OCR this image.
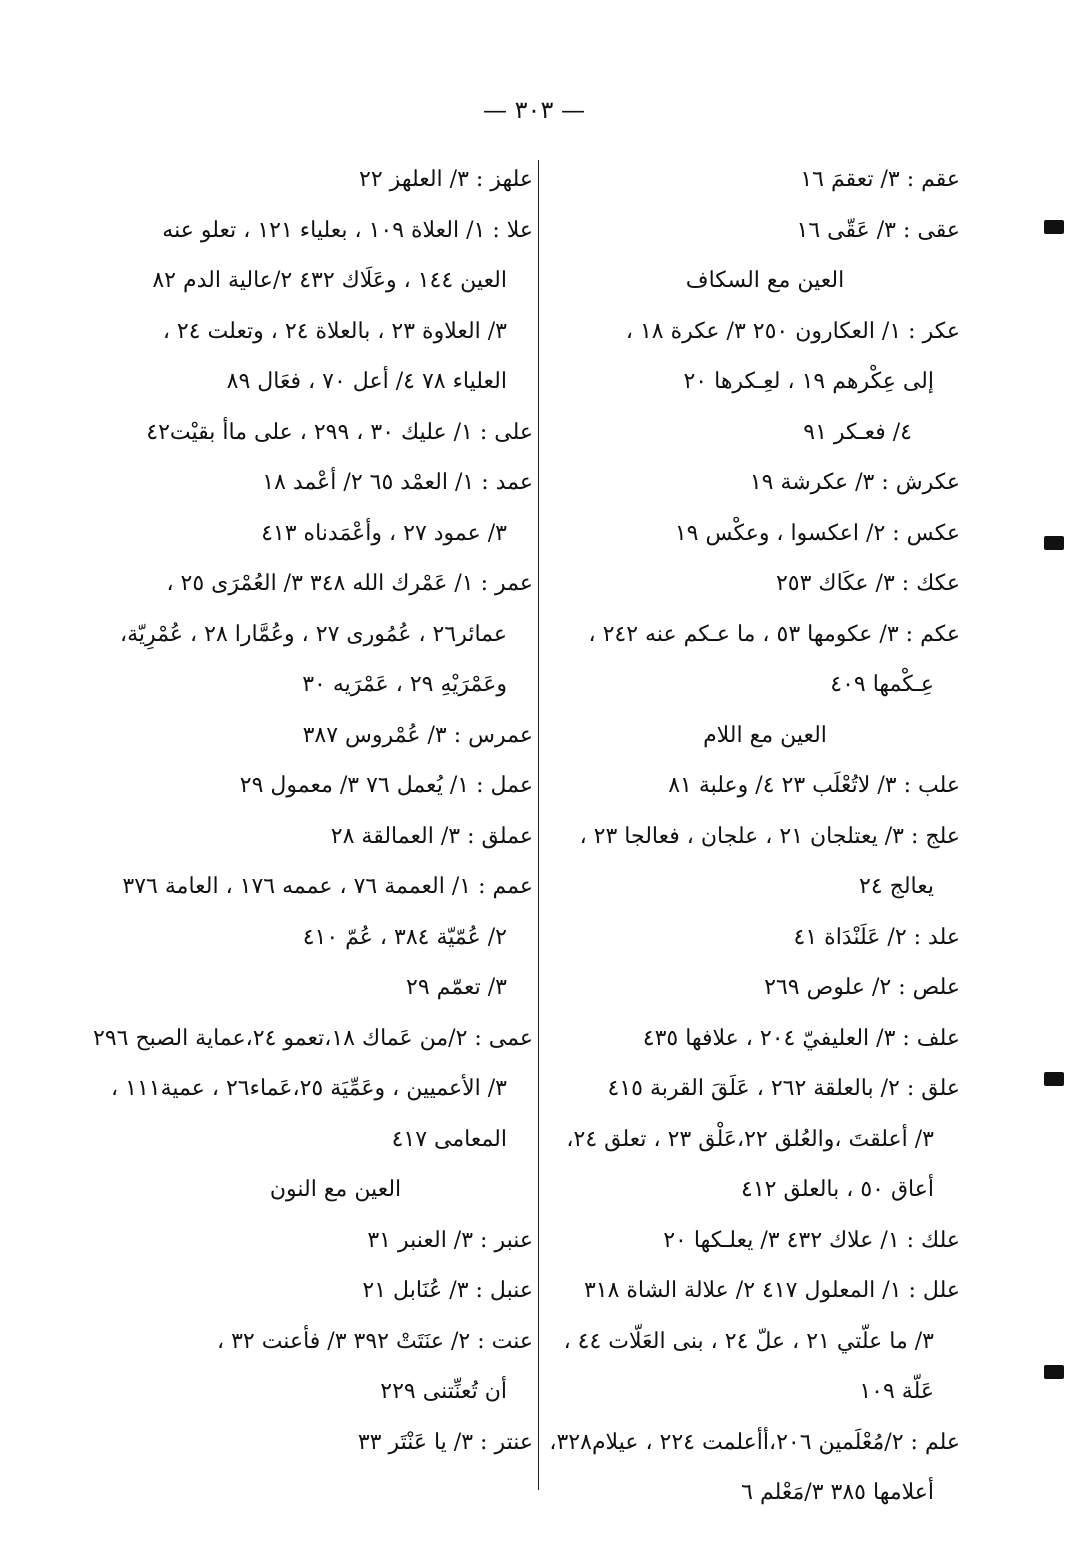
— ٣٠٣ —
عقم : ٣/ تعقمَ ١٦
عقى : ٣/ عَقّى ١٦
العين مع السكاف
عكر : ١/ العكارون ٢٥٠ ٣/ عكرة ١٨ ،
إلى عِكْرهم ١٩ ، لعِـكرها ٢٠
٤/ فعـكر ٩١
عكرش : ٣/ عكرشة ١٩
عكس : ٢/ اعكسوا ، وعكْس ١٩
عكك : ٣/ عكَاك ٢٥٣
عكم : ٣/ عكومها ٥٣ ، ما عـكم عنه ٢٤٢ ،
عِـكْمها ٤٠٩
العين مع اللام
علب : ٣/ لاتُعْلَب ٢٣ ٤/ وعلبة ٨١
علج : ٣/ يعتلجان ٢١ ، علجان ، فعالجا ٢٣ ،
يعالج ٢٤
علد : ٢/ عَلَنْدَاة ٤١
علص : ٢/ علوص ٢٦٩
علف : ٣/ العليفيّ ٢٠٤ ، علافها ٤٣٥
علق : ٢/ بالعلقة ٢٦٢ ، عَلَقَ القربة ٤١٥
٣/ أعلقتَ ،والعُلق ٢٢،عَلْق ٢٣ ، تعلق ٢٤،
أعاق ٥٠ ، بالعلق ٤١٢
علك : ١/ علاك ٤٣٢ ٣/ يعلـكها ٢٠
علل : ١/ المعلول ٤١٧ ٢/ علالة الشاة ٣١٨
٣/ ما علّتي ٢١ ، علّ ٢٤ ، بنى العَلّات ٤٤ ،
عَلّة ١٠٩
علم : ٢/مُعْلَمين ٢٠٦،أأعلمت ٢٢٤ ، عيلام٣٢٨،
أعلامها ٣٨٥ ٣/مَعْلم ٦
علهز : ٣/ العلهز ٢٢
علا : ١/ العلاة ١٠٩ ، بعلياء ١٢١ ، تعلو عنه
العين ١٤٤ ، وعَلَاك ٤٣٢ ٢/عالية الدم ٨٢
٣/ العلاوة ٢٣ ، بالعلاة ٢٤ ، وتعلت ٢٤ ،
العلياء ٧٨ ٤/ أعل ٧٠ ، فعَال ٨٩
على : ١/ عليك ٣٠ ، ٢٩٩ ، على ماأ بقيْت٤٢
عمد : ١/ العمْد ٦٥ ٢/ أعْمد ١٨
٣/ عمود ٢٧ ، وأعْمَدناه ٤١٣
عمر : ١/ عَمْرك الله ٣٤٨ ٣/ العُمْرَى ٢٥ ،
عمائر٢٦ ، عُمُورى ٢٧ ، وعُمَّارا ٢٨ ، عُمْرِيّة،
وعَمْرَيْهِ ٢٩ ، عَمْرَيه ٣٠
عمرس : ٣/ عُمْروس ٣٨٧
عمل : ١/ يُعمل ٧٦ ٣/ معمول ٢٩
عملق : ٣/ العمالقة ٢٨
عمم : ١/ العممة ٧٦ ، عممه ١٧٦ ، العامة ٣٧٦
٢/ عُمّيّة ٣٨٤ ، عُمّ ٤١٠
٣/ تعمّم ٢٩
عمى : ٢/من عَماك ١٨،تعمو ٢٤،عماية الصبح ٢٩٦
٣/ الأعميين ، وعَمِّيَة ٢٥،عَماء٢٦ ، عمية١١١ ،
المعامى ٤١٧
العين مع النون
عنبر : ٣/ العنبر ٣١
عنبل : ٣/ عُنَابل ٢١
عنت : ٢/ عنَتَتْ ٣٩٢ ٣/ فأعنت ٣٢ ،
أن تُعنِّتنى ٢٢٩
عنتر : ٣/ يا عَنْتَر ٣٣
